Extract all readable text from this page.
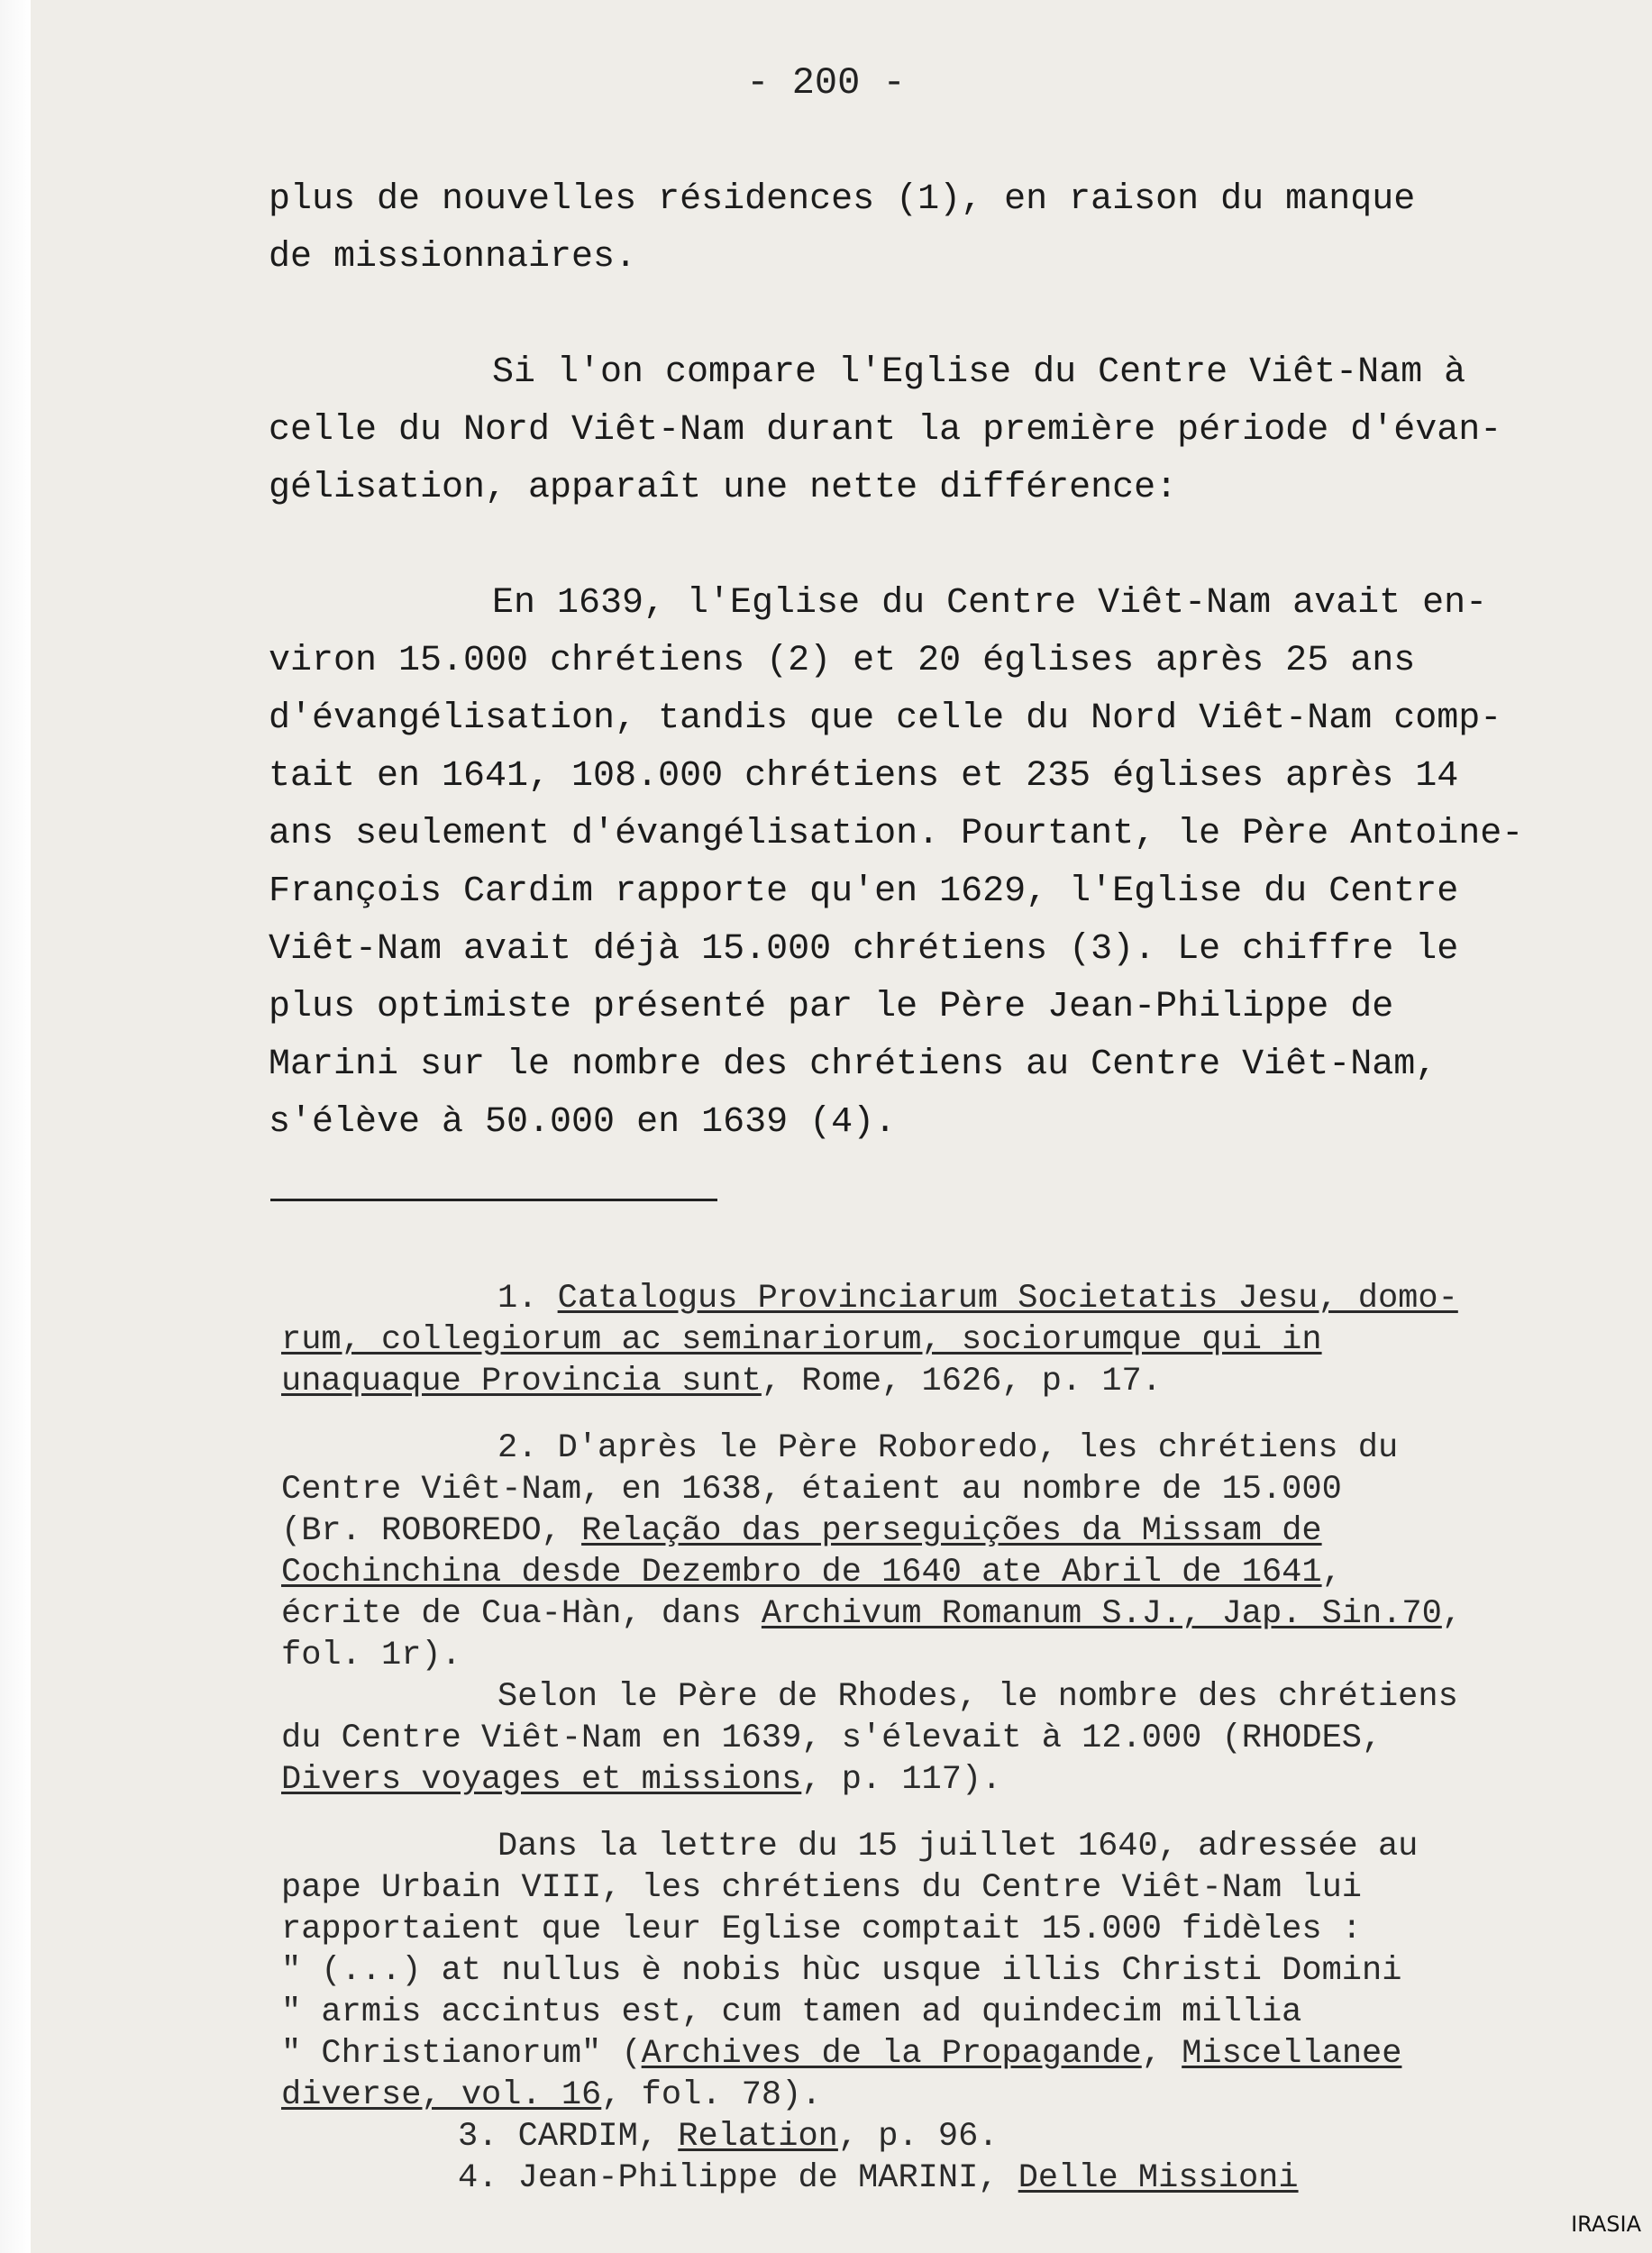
- 200 -

plus de nouvelles résidences (1), en raison du manque
de missionnaires.

Si l'on compare l'Eglise du Centre Viêt-Nam à
celle du Nord Viêt-Nam durant la première période d'évan-
gélisation, apparaît une nette différence:

En 1639, l'Eglise du Centre Viêt-Nam avait en-
viron 15.000 chrétiens (2) et 20 églises après 25 ans
d'évangélisation, tandis que celle du Nord Viêt-Nam comp-
tait en 1641, 108.000 chrétiens et 235 églises après 14
ans seulement d'évangélisation. Pourtant, le Père Antoine-
François Cardim rapporte qu'en 1629, l'Eglise du Centre
Viêt-Nam avait déjà 15.000 chrétiens (3). Le chiffre le
plus optimiste présenté par le Père Jean-Philippe de
Marini sur le nombre des chrétiens au Centre Viêt-Nam,
s'élève à 50.000 en 1639 (4).

1. Catalogus Provinciarum Societatis Jesu, domo-
rum, collegiorum ac seminariorum, sociorumque qui in
unaquaque Provincia sunt, Rome, 1626, p. 17.
2. D'après le Père Roboredo, les chrétiens du
Centre Viêt-Nam, en 1638, étaient au nombre de 15.000
(Br. ROBOREDO, Relação das perseguições da Missam de
Cochinchina desde Dezembro de 1640 ate Abril de 1641,
écrite de Cua-Hàn, dans Archivum Romanum S.J., Jap. Sin.70,
fol. 1r).
Selon le Père de Rhodes, le nombre des chrétiens
du Centre Viêt-Nam en 1639, s'élevait à 12.000 (RHODES,
Divers voyages et missions, p. 117).
Dans la lettre du 15 juillet 1640, adressée au
pape Urbain VIII, les chrétiens du Centre Viêt-Nam lui
rapportaient que leur Eglise comptait 15.000 fidèles :
" (...) at nullus è nobis hùc usque illis Christi Domini
" armis accintus est, cum tamen ad quindecim millia
" Christianorum" (Archives de la Propagande, Miscellanee
diverse, vol. 16, fol. 78).
3. CARDIM, Relation, p. 96.
4. Jean-Philippe de MARINI, Delle Missioni
IRASIA
